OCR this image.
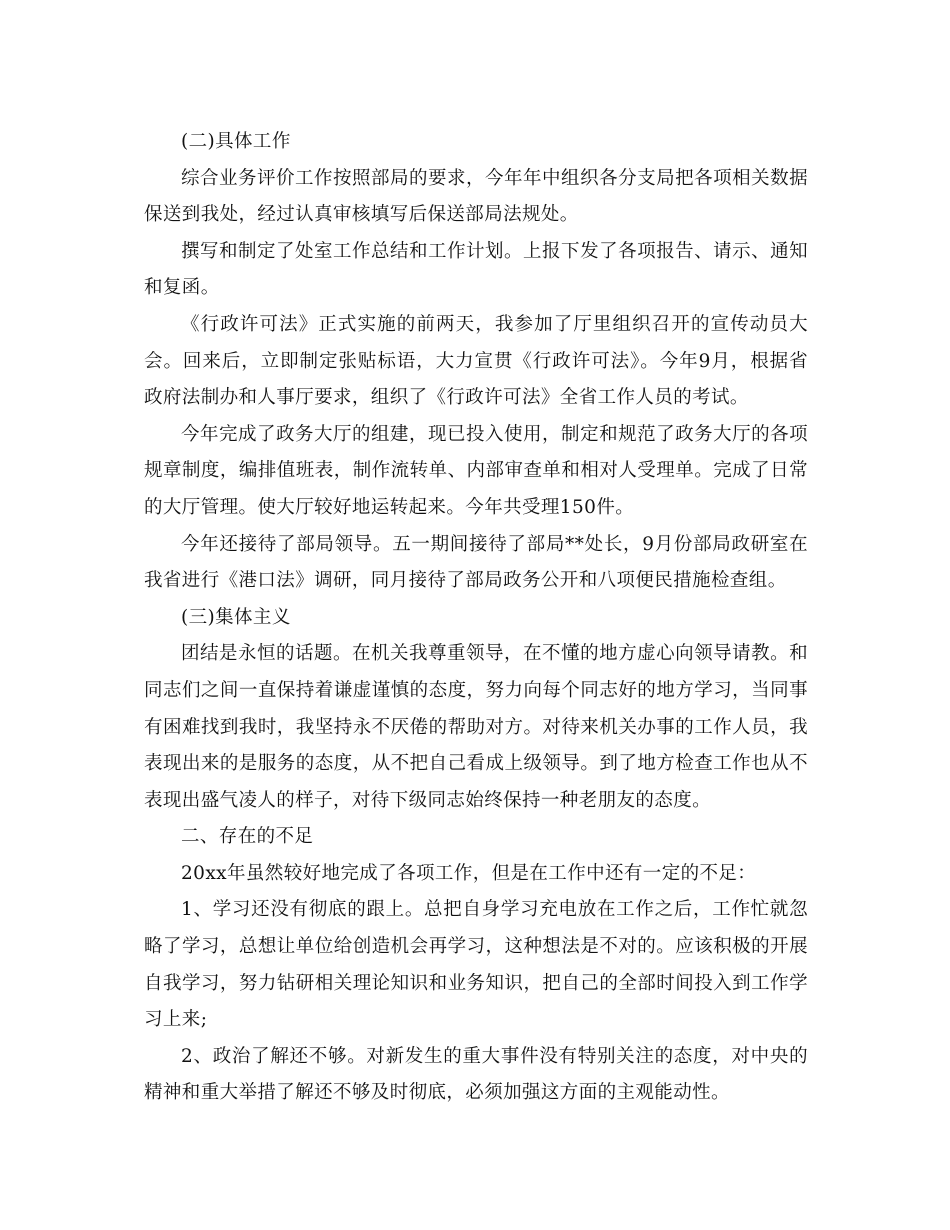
(二)具体工作

综合业务评价工作按照部局的要求，今年年中组织各分支局把各项相关数据保送到我处，经过认真审核填写后保送部局法规处。

撰写和制定了处室工作总结和工作计划。上报下发了各项报告、请示、通知和复函。

《行政许可法》正式实施的前两天，我参加了厅里组织召开的宣传动员大会。回来后，立即制定张贴标语，大力宣贯《行政许可法》。今年9月，根据省政府法制办和人事厅要求，组织了《行政许可法》全省工作人员的考试。

今年完成了政务大厅的组建，现已投入使用，制定和规范了政务大厅的各项规章制度，编排值班表，制作流转单、内部审查单和相对人受理单。完成了日常的大厅管理。使大厅较好地运转起来。今年共受理150件。

今年还接待了部局领导。五一期间接待了部局**处长，9月份部局政研室在我省进行《港口法》调研，同月接待了部局政务公开和八项便民措施检查组。

(三)集体主义

团结是永恒的话题。在机关我尊重领导，在不懂的地方虚心向领导请教。和同志们之间一直保持着谦虚谨慎的态度，努力向每个同志好的地方学习，当同事有困难找到我时，我坚持永不厌倦的帮助对方。对待来机关办事的工作人员，我表现出来的是服务的态度，从不把自己看成上级领导。到了地方检查工作也从不表现出盛气凌人的样子，对待下级同志始终保持一种老朋友的态度。

二、存在的不足

20xx年虽然较好地完成了各项工作，但是在工作中还有一定的不足：

1、学习还没有彻底的跟上。总把自身学习充电放在工作之后，工作忙就忽略了学习，总想让单位给创造机会再学习，这种想法是不对的。应该积极的开展自我学习，努力钻研相关理论知识和业务知识，把自己的全部时间投入到工作学习上来;

2、政治了解还不够。对新发生的重大事件没有特别关注的态度，对中央的精神和重大举措了解还不够及时彻底，必须加强这方面的主观能动性。
